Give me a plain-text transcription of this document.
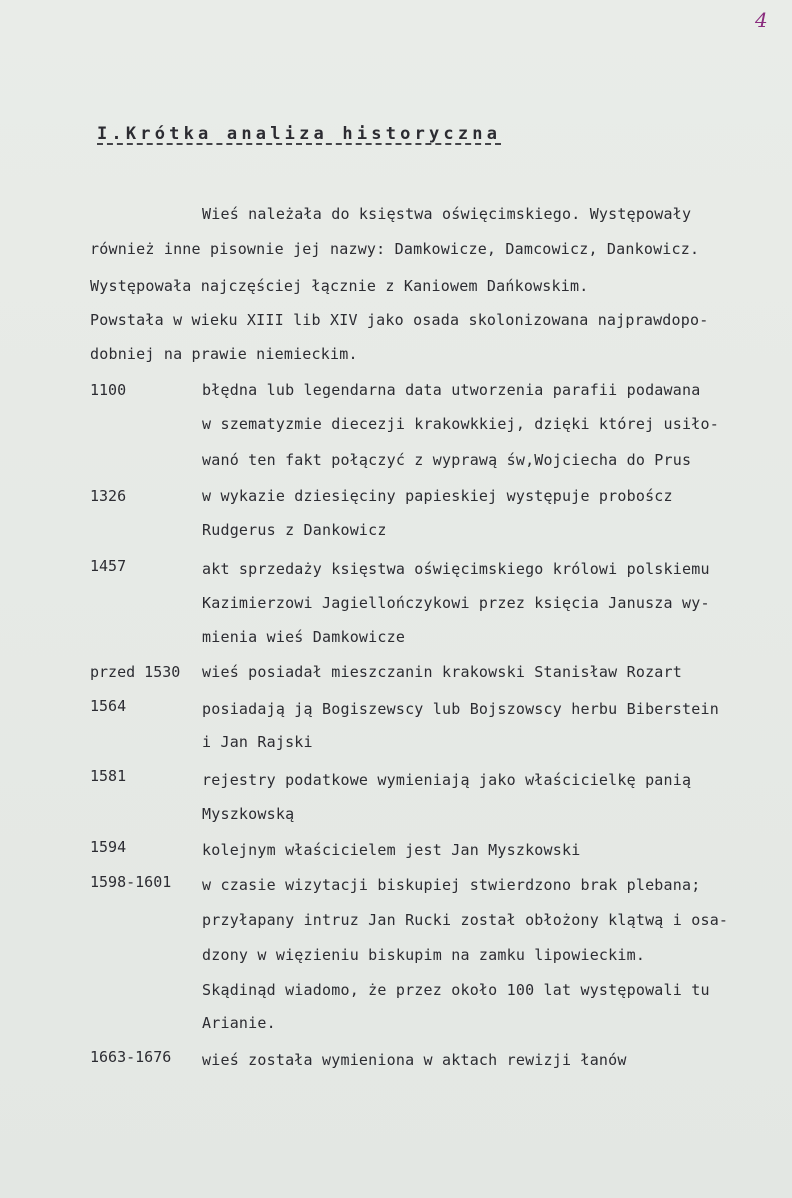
4
I.Krótka analiza historyczna
Wieś należała do księstwa oświęcimskiego. Występowały
również inne pisownie jej nazwy: Damkowicze, Damcowicz, Dankowicz.
Występowała najczęściej łącznie z Kaniowem Dańkowskim.
Powstała w wieku XIII lib XIV jako osada skolonizowana najprawdopo-
dobniej na prawie niemieckim.
1100	błędna lub legendarna data utworzenia parafii podawana
w szematyzmie diecezji krakowkkiej, dzięki której usiło-
wanó ten fakt połączyć z wyprawą św,Wojciecha do Prus
1326	w wykazie dziesięciny papieskiej występuje proboścz
Rudgerus z Dankowicz
1457	akt sprzedaży księstwa oświęcimskiego królowi polskiemu
Kazimierzowi Jagiellończykowi przez księcia Janusza wy-
mienia wieś Damkowicze
przed 1530 wieś posiadał mieszczanin krakowski Stanisław Rozart
1564	posiadają ją Bogiszewscy lub Bojszowscy herbu Biberstein
i Jan Rajski
1581	rejestry podatkowe wymieniają jako właścicielkę panią
Myszkowską
1594	kolejnym właścicielem jest Jan Myszkowski
1598-1601 w czasie wizytacji biskupiej stwierdzono brak plebana;
przyłapany intruz Jan Rucki został obłożony klątwą i osa-
dzony w więzieniu biskupim na zamku lipowieckim.
Skądinąd wiadomo, że przez około 100 lat występowali tu
Arianie.
1663-1676 wieś została wymieniona w aktach rewizji łanów
